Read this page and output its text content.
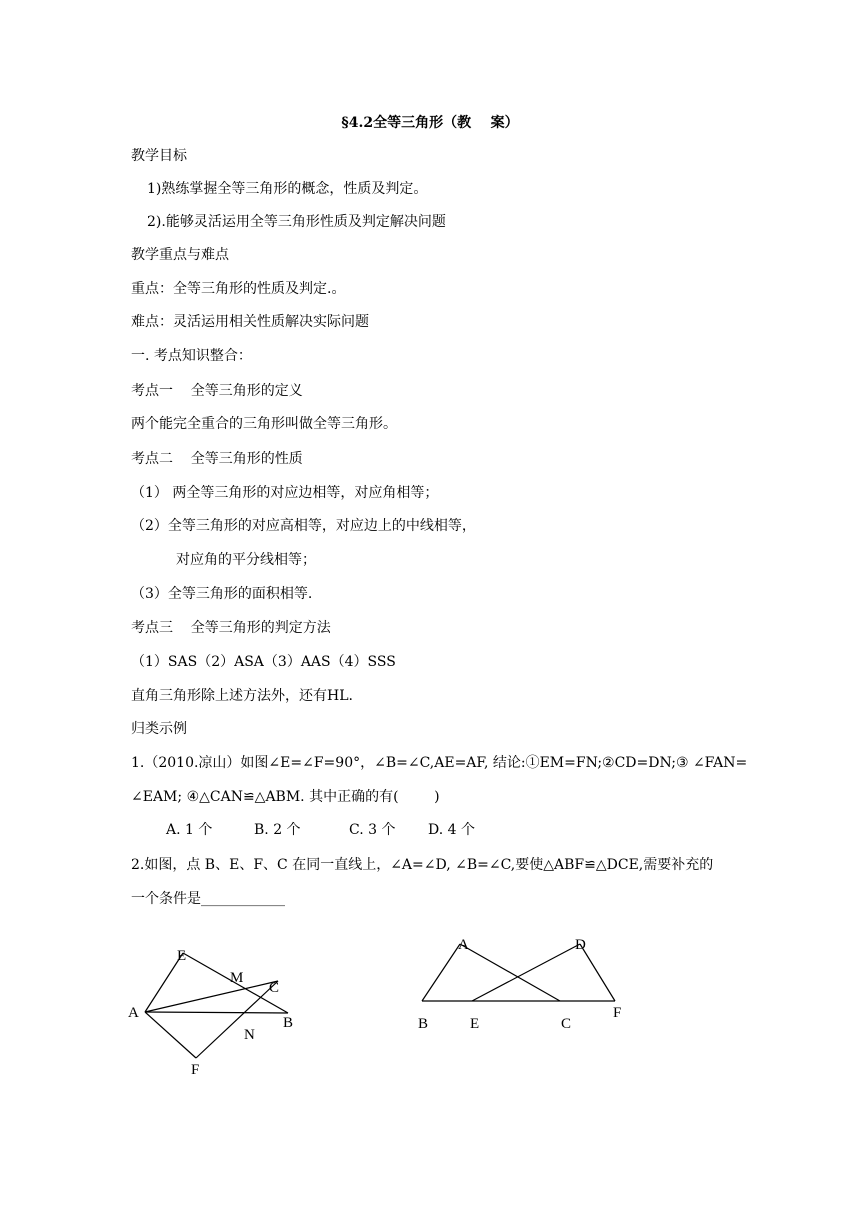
§4.2全等三角形（教    案）
教学目标
1)熟练掌握全等三角形的概念，性质及判定。
2).能够灵活运用全等三角形性质及判定解决问题
教学重点与难点
重点：全等三角形的性质及判定.。
难点：灵活运用相关性质解决实际问题
一. 考点知识整合：
考点一    全等三角形的定义
两个能完全重合的三角形叫做全等三角形。
考点二    全等三角形的性质
（1） 两全等三角形的对应边相等，对应角相等；
（2）全等三角形的对应高相等，对应边上的中线相等，
对应角的平分线相等；
（3）全等三角形的面积相等.
考点三    全等三角形的判定方法
（1）SAS（2）ASA（3）AAS（4）SSS
直角三角形除上述方法外，还有HL.
归类示例
1.（2010.凉山）如图∠E=∠F=90°，∠B=∠C,AE=AF, 结论:①EM=FN;②CD=DN;③ ∠FAN=
∠EAM; ④△CAN≌△ABM. 其中正确的有(        )

A. 1 个

	B. 2 个

	C. 3 个

D. 4 个

2.如图，点 B、E、F、C 在同一直线上，∠A=∠D, ∠B=∠C,要使△ABF≌△DCE,需要补充的
一个条件是____________
E
M
C
A
B
N
F
A	D
B	E	C
F
